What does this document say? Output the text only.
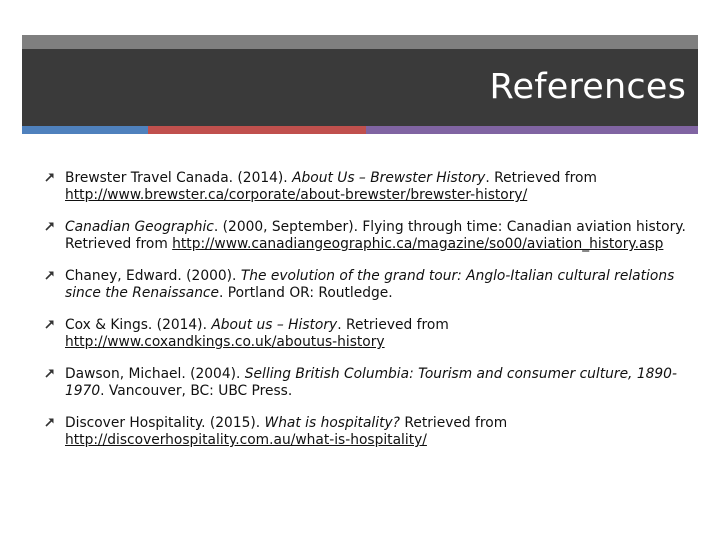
References
Brewster Travel Canada. (2014). About Us – Brewster History. Retrieved from http://www.brewster.ca/corporate/about-brewster/brewster-history/
Canadian Geographic. (2000, September). Flying through time: Canadian aviation history. Retrieved from http://www.canadiangeographic.ca/magazine/so00/aviation_history.asp
Chaney, Edward. (2000). The evolution of the grand tour: Anglo-Italian cultural relations since the Renaissance. Portland OR: Routledge.
Cox & Kings. (2014). About us – History. Retrieved from http://www.coxandkings.co.uk/aboutus-history
Dawson, Michael. (2004). Selling British Columbia: Tourism and consumer culture, 1890-1970. Vancouver, BC: UBC Press.
Discover Hospitality. (2015). What is hospitality? Retrieved from http://discoverhospitality.com.au/what-is-hospitality/
